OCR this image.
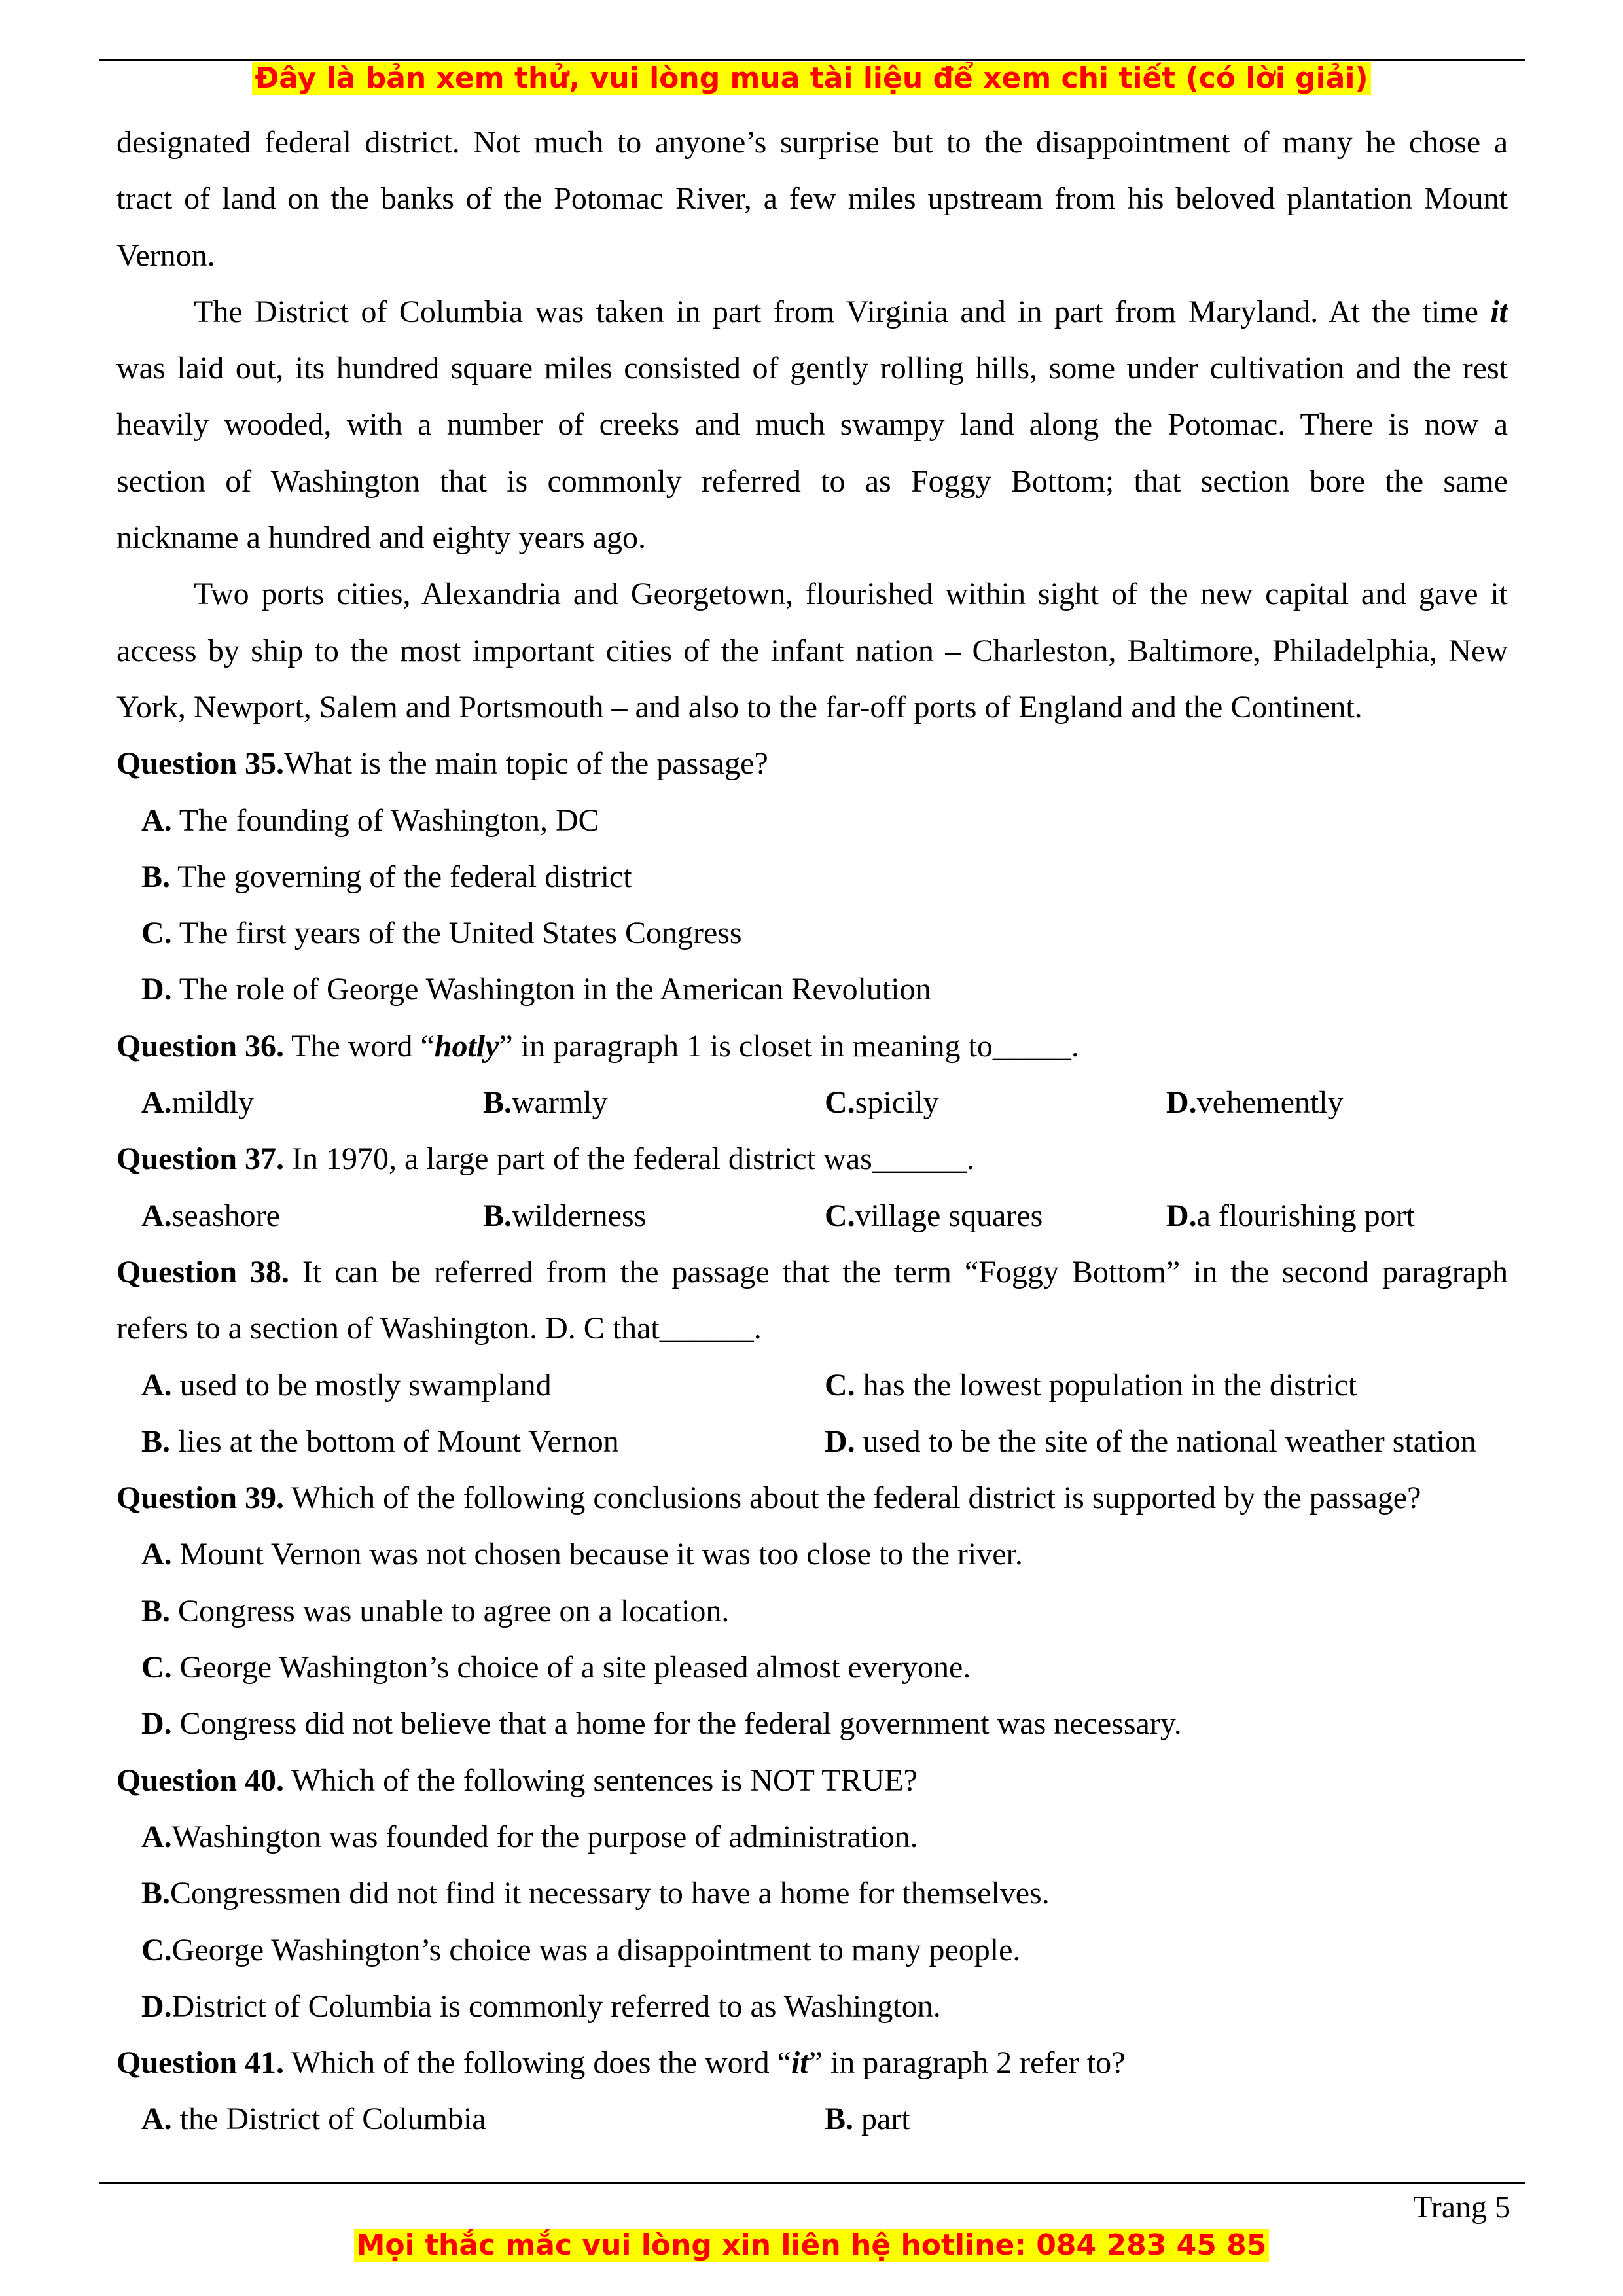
Đây là bản xem thử, vui lòng mua tài liệu để xem chi tiết (có lời giải)
designated federal district. Not much to anyone’s surprise but to the disappointment of many he chose a
tract of land on the banks of the Potomac River, a few miles upstream from his beloved plantation Mount
Vernon.
The District of Columbia was taken in part from Virginia and in part from Maryland. At the time it
was laid out, its hundred square miles consisted of gently rolling hills, some under cultivation and the rest
heavily wooded, with a number of creeks and much swampy land along the Potomac. There is now a
section of Washington that is commonly referred to as Foggy Bottom; that section bore the same
nickname a hundred and eighty years ago.
Two ports cities, Alexandria and Georgetown, flourished within sight of the new capital and gave it
access by ship to the most important cities of the infant nation – Charleston, Baltimore, Philadelphia, New
York, Newport, Salem and Portsmouth – and also to the far-off ports of England and the Continent.
Question 35.What is the main topic of the passage?
A. The founding of Washington, DC
B. The governing of the federal district
C. The first years of the United States Congress
D. The role of George Washington in the American Revolution
Question 36. The word “hotly” in paragraph 1 is closet in meaning to_____.
A.mildly	B.warmly	C.spicily	D.vehemently
Question 37. In 1970, a large part of the federal district was______.
A.seashore	B.wilderness	C.village squares	D.a flourishing port
Question 38. It can be referred from the passage that the term “Foggy Bottom” in the second paragraph
refers to a section of Washington. D. C that______.
A. used to be mostly swampland	C. has the lowest population in the district
B. lies at the bottom of Mount Vernon	D. used to be the site of the national weather station
Question 39. Which of the following conclusions about the federal district is supported by the passage?
A. Mount Vernon was not chosen because it was too close to the river.
B. Congress was unable to agree on a location.
C. George Washington’s choice of a site pleased almost everyone.
D. Congress did not believe that a home for the federal government was necessary.
Question 40. Which of the following sentences is NOT TRUE?
A.Washington was founded for the purpose of administration.
B.Congressmen did not find it necessary to have a home for themselves.
C.George Washington’s choice was a disappointment to many people.
D.District of Columbia is commonly referred to as Washington.
Question 41. Which of the following does the word “it” in paragraph 2 refer to?
A. the District of Columbia	B. part
Trang 5
Mọi thắc mắc vui lòng xin liên hệ hotline: 084 283 45 85
